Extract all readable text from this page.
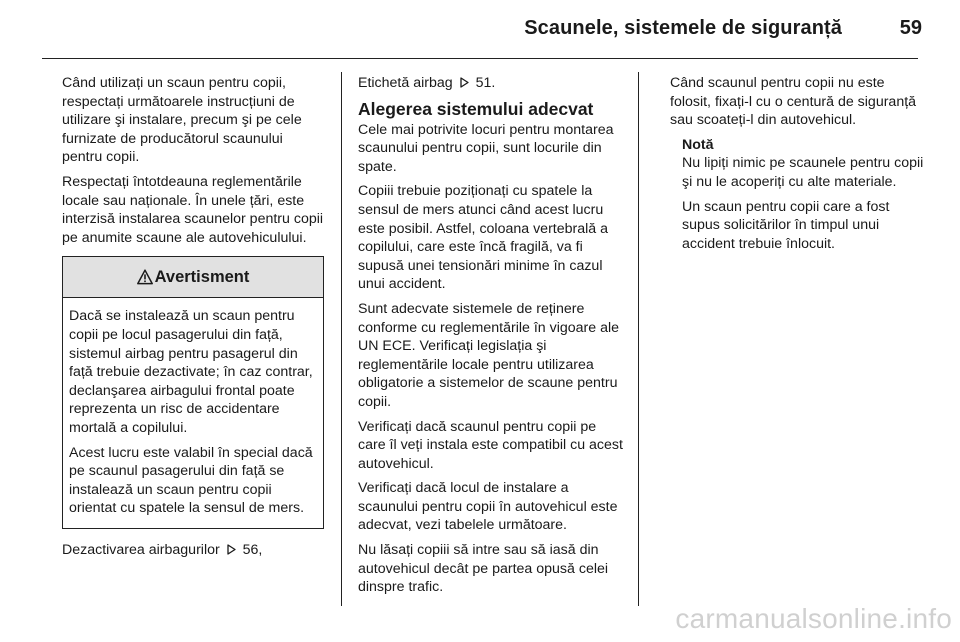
Scaunele, sistemele de siguranță	59

Când utilizați un scaun pentru copii, respectați următoarele instrucțiuni de utilizare şi instalare, precum şi pe cele furnizate de producătorul scaunului pentru copii.

Respectați întotdeauna reglementările locale sau naționale. În unele țări, este interzisă instalarea scaunelor pentru copii pe anumite scaune ale autovehiculului.

Avertisment

Dacă se instalează un scaun pentru copii pe locul pasagerului din față, sistemul airbag pentru pasagerul din față trebuie dezactivate; în caz contrar, declanşarea airbagului frontal poate reprezenta un risc de accidentare mortală a copilului.

Acest lucru este valabil în special dacă pe scaunul pasagerului din față se instalează un scaun pentru copii orientat cu spatele la sensul de mers.

Dezactivarea airbagurilor 56,

Etichetă airbag 51.

Alegerea sistemului adecvat

Cele mai potrivite locuri pentru montarea scaunului pentru copii, sunt locurile din spate.

Copiii trebuie poziționați cu spatele la sensul de mers atunci când acest lucru este posibil. Astfel, coloana vertebrală a copilului, care este încă fragilă, va fi supusă unei tensionări minime în cazul unui accident.

Sunt adecvate sistemele de reținere conforme cu reglementările în vigoare ale UN ECE. Verificați legislația şi reglementările locale pentru utilizarea obligatorie a sistemelor de scaune pentru copii.

Verificați dacă scaunul pentru copii pe care îl veți instala este compatibil cu acest autovehicul.

Verificați dacă locul de instalare a scaunului pentru copii în autovehicul este adecvat, vezi tabelele următoare.

Nu lăsați copiii să intre sau să iasă din autovehicul decât pe partea opusă celei dinspre trafic.

Când scaunul pentru copii nu este folosit, fixați-l cu o centură de siguranță sau scoateți-l din autovehicul.

Notă

Nu lipiți nimic pe scaunele pentru copii şi nu le acoperiți cu alte materiale.

Un scaun pentru copii care a fost supus solicitărilor în timpul unui accident trebuie înlocuit.

carmanualsonline.info
